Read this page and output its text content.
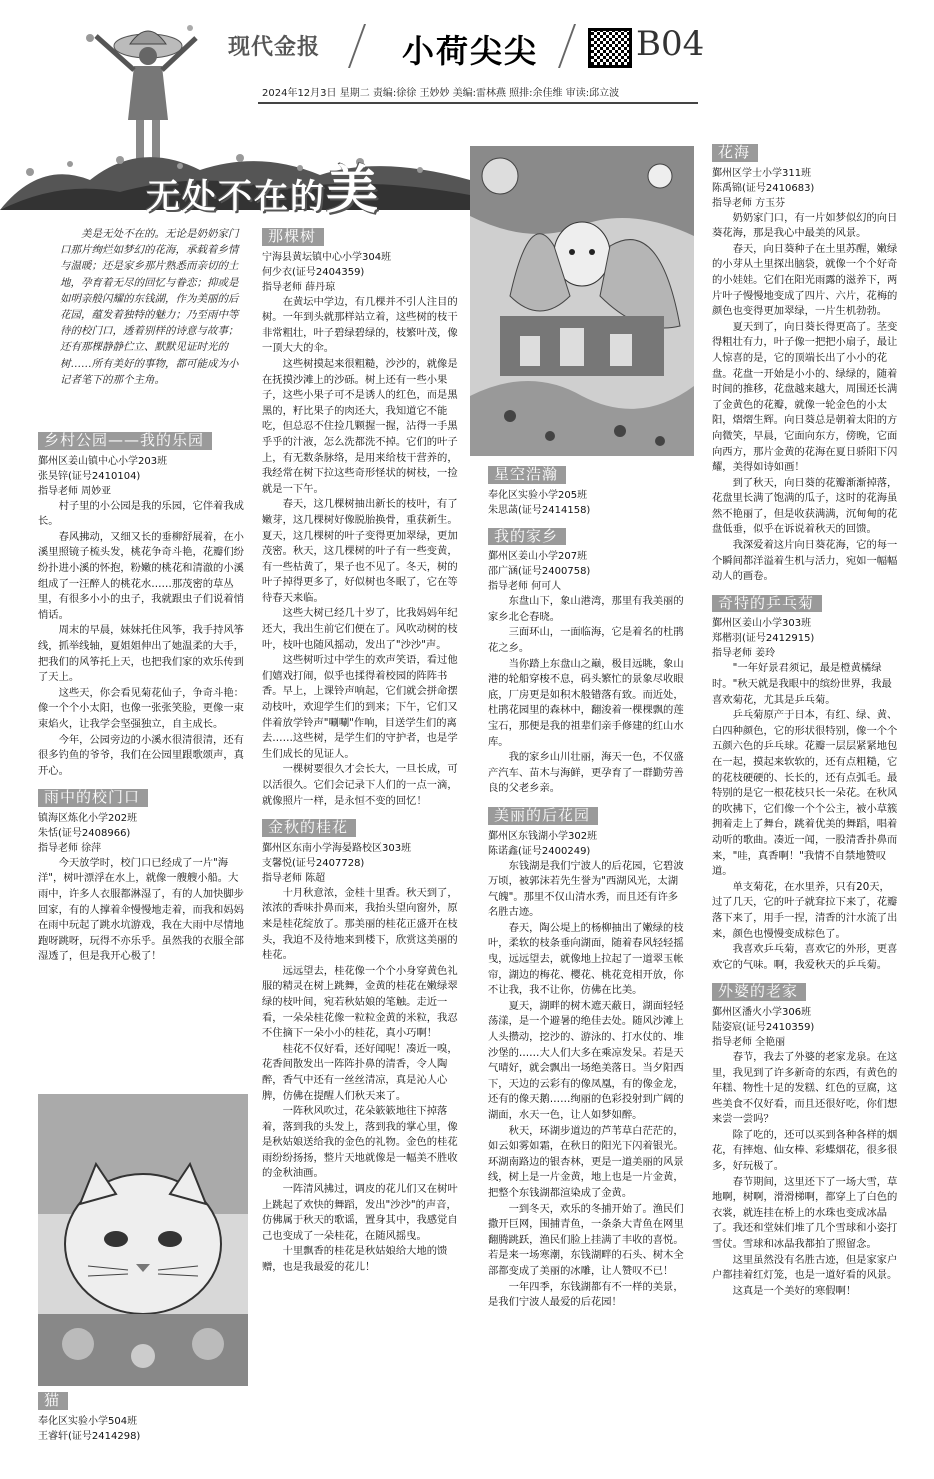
现代金报	小荷尖尖	B04
2024年12月3日 星期二 责编:徐徐 王妙妙 美编:雷林燕 照排:余佳维 审读:邱立波
无处不在的美
美是无处不在的。无论是奶奶家门口那片绚烂如梦幻的花海，承载着乡情与温暖；还是家乡那片熟悉而亲切的土地，孕育着无尽的回忆与眷恋；抑或是如明亲般闪耀的东钱湖，作为美丽的后花园，蕴发着独特的魅力；乃至雨中等待的校门口，透着别样的诗意与故事；还有那棵静静伫立、默默见证时光的树……所有美好的事物，都可能成为小记者笔下的那个主角。
乡村公园——我的乐园
鄞州区姜山镇中心小学203班
张昊锌(证号2410104)
指导老师 周妙亚

村子里的小公园是我的乐园，它伴着我成长。

春风拂动，又细又长的垂柳舒展着，在小溪里照镜子梳头发，桃花争奇斗艳，花瓣们纷纷扑进小溪的怀抱，粉嫩的桃花和清澈的小溪组成了一汪醉人的桃花水……那茂密的草丛里，有很多小小的虫子，我就跟虫子们说着悄悄话。

周末的早晨，妹妹托住风筝，我手持风筝线，抓举线轴，夏姐姐伸出了她温柔的大手，把我们的风筝托上天，也把我们家的欢乐传到了天上。

这些天，你会看见菊花仙子，争奇斗艳：像一个个小太阳，也像一张张笑脸，更像一束束焰火，让我学会坚强独立，自主成长。

今年，公园旁边的小溪水很清很清，还有很多钓鱼的爷爷，我们在公园里跟歌颂声，真开心。

雨中的校门口
镇海区炼化小学202班
朱恬(证号2408966)
指导老师 徐萍

今天放学时，校门口已经成了一片"海洋"，树叶漂浮在水上，就像一艘艘小船。大雨中，许多人衣服都淋湿了，有的人加快脚步回家，有的人撑着伞慢慢地走着，而我和妈妈在雨中玩起了跳水坑游戏，我在大雨中尽情地跑呀跳呀，玩得不亦乐乎。虽然我的衣服全部湿透了，但是我开心极了！

猫
奉化区实验小学504班
王睿轩(证号2414298)
那棵树
宁海县黄坛镇中心小学304班
何少衣(证号2404359)
指导老师 薛丹琼

在黄坛中学边，有几棵并不引人注目的树。一年到头就那样站立着，这些树的枝干非常粗壮，叶子碧绿碧绿的，枝繁叶茂，像一顶大大的伞。

这些树摸起来很粗糙，沙沙的，就像是在抚摸沙滩上的沙砾。树上还有一些小果子，这些小果子可不是诱人的红色，而是黑黑的，籽比果子的肉还大，我知道它不能吃，但总忍不住捡几颗握一握，沾得一手黑乎乎的汁液，怎么洗都洗不掉。它们的叶子上，有无数条脉络，是用来给枝干营养的，我经常在树下拉这些奇形怪状的树枝，一捡就是一下午。

春天，这几棵树抽出新长的枝叶，有了嫩芽，这几棵树好像脱胎换骨，重获新生。夏天，这几棵树的叶子变得更加翠绿，更加茂密。秋天，这几棵树的叶子有一些变黄，有一些枯黄了，果子也不见了。冬天，树的叶子掉得更多了，好似树也冬眠了，它在等待春天来临。

这些大树已经几十岁了，比我妈妈年纪还大，我出生前它们便在了。风吹动树的枝叶，枝叶也随风摇动，发出了"沙沙"声。

这些树听过中学生的欢声笑语，看过他们嬉戏打闹，似乎也揉得着校园的阵阵书香。早上，上课铃声响起，它们就会拼命摆动枝叶，欢迎学生们的到来；下午，它们又伴着放学铃声"唰唰"作响，目送学生们的离去……这些树，是学生们的守护者，也是学生们成长的见证人。

一棵树要很久才会长大，一旦长成，可以活很久。它们会记录下人们的一点一滴，就像照片一样，是永恒不变的回忆！

金秋的桂花
鄞州区东南小学海晏路校区303班
支馨悦(证号2407728)
指导老师 陈超

十月秋意浓，金桂十里香。秋天到了，浓浓的香味扑鼻而来，我抬头望向窗外，原来是桂花绽放了。那美丽的桂花正盛开在枝头，我迫不及待地来到楼下，欣赏这美丽的桂花。

远远望去，桂花像一个个小身穿黄色礼服的精灵在树上跳舞，金黄的桂花在嫩绿翠绿的枝叶间，宛若秋姑娘的笔触。走近一看，一朵朵桂花像一粒粒金黄的米粒，我忍不住摘下一朵小小的桂花，真小巧啊！

桂花不仅好看，还好闻呢！凑近一嗅，花香间散发出一阵阵扑鼻的清香，令人陶醉，香气中还有一丝丝清凉，真是沁人心脾，仿佛在提醒人们秋天来了。

一阵秋风吹过，花朵簌簌地往下掉落着，落到我的头发上，落到我的掌心里，像是秋姑娘送给我的金色的礼物。金色的桂花雨纷纷扬扬，整片天地就像是一幅美不胜收的金秋油画。

一阵清风拂过，调皮的花儿们又在树叶上跳起了欢快的舞蹈，发出"沙沙"的声音，仿佛属于秋天的歌谣，置身其中，我感觉自己也变成了一朵桂花，在随风摇曳。

十里飘香的桂花是秋姑娘给大地的馈赠，也是我最爱的花儿！

星空浩瀚
奉化区实验小学205班
朱思菡(证号2414158)
我的家乡
鄞州区姜山小学207班
邵广涵(证号2400758)
指导老师 何可人

东盘山下，象山港湾，那里有我美丽的家乡北仑春晓。

三面环山，一面临海，它是着名的杜鹃花之乡。

当你踏上东盘山之巅，极目远眺，象山港的轮船穿梭不息，码头繁忙的景象尽收眼底，厂房更是如积木般错落有致。而近处，杜鹃花园里的森林中，翻浚着一棵棵飘的莲宝石，那便是我的祖辈们亲手修建的红山水库。

我的家乡山川壮丽，海天一色，不仅盛产汽车、苗木与海鲜，更孕育了一群勤劳善良的父老乡亲。

美丽的后花园
鄞州区东钱湖小学302班
陈诺鑫(证号2400249)

东钱湖是我们宁波人的后花园，它碧波万顷，被郭沫若先生誉为"西湖风光，太湖气魄"。那里不仅山清水秀，而且还有许多名胜古迹。

春天，陶公堤上的杨柳抽出了嫩绿的枝叶，柔软的枝条垂向湖面，随着春风轻轻摇曳，远远望去，就像地上拉起了一道翠玉帐帘，湖边的梅花、樱花、桃花竞相开放，你不让我，我不让你，仿佛在比美。

夏天，湖畔的树木遮天蔽日，湖面轻轻荡漾，是一个避暑的绝佳去处。随风沙滩上人头攒动，挖沙的、游泳的、打水仗的、堆沙堡的……大人们大多在乘凉发呆。若是天气晴好，就会飘出一场绝美落日。当夕阳西下，天边的云彩有的像凤凰，有的像金龙，还有的像天鹅……绚丽的色彩投射到广阔的湖面，水天一色，让人如梦如醉。

秋天，环湖步道边的芦苇草白茫茫的，如云如雾如霜，在秋日的阳光下闪着银光。环湖南路边的银杏林，更是一道美丽的风景线，树上是一片金黄，地上也是一片金黄，把整个东钱湖都渲染成了金黄。

一到冬天，欢乐的冬捕开始了。渔民们撒开巨网，围捕青鱼，一条条大青鱼在网里翻腾跳跃，渔民们脸上挂满了丰收的喜悦。若是来一场寒潮，东钱湖畔的石头、树木全部都变成了美丽的冰雕，让人赞叹不已！

一年四季，东钱湖都有不一样的美景，是我们宁波人最爱的后花园！

花海
鄞州区学士小学311班
陈禹锦(证号2410683)
指导老师 方玉芬

奶奶家门口，有一片如梦似幻的向日葵花海，那是我心中最美的风景。

春天，向日葵种子在土里苏醒，嫩绿的小芽从土里探出脑袋，就像一个个好奇的小娃娃。它们在阳光雨露的滋养下，两片叶子慢慢地变成了四片、六片，花梅的颜色也变得更加翠绿，一片生机勃勃。

夏天到了，向日葵长得更高了。茎变得粗壮有力，叶子像一把把小扇子，最让人惊喜的是，它的顶端长出了小小的花盘。花盘一开始是小小的、绿绿的，随着时间的推移，花盘越来越大，周围还长满了金黄色的花瓣，就像一轮金色的小太阳，熠熠生辉。向日葵总是朝着太阳的方向微笑，早晨，它面向东方，傍晚，它面向西方，那片金黄的花海在夏日骄阳下闪耀，美得如诗如画！

到了秋天，向日葵的花瓣渐渐掉落，花盘里长满了饱满的瓜子，这时的花海虽然不艳丽了，但是收获满满，沉甸甸的花盘低垂，似乎在诉说着秋天的回馈。

我深爱着这片向日葵花海，它的每一个瞬间都洋溢着生机与活力，宛如一幅幅动人的画卷。

奇特的乒乓菊
鄞州区姜山小学303班
郑楷羽(证号2412915)
指导老师 姜玲

"一年好景君须记，最是橙黄橘绿时。"秋天就是我眼中的缤纷世界，我最喜欢菊花，尤其是乒乓菊。

乒乓菊原产于日本，有红、绿、黄、白四种颜色，它的形状很特别，像一个个五颜六色的乒乓球。花瓣一层层紧紧地包在一起，摸起来软软的，还有点粗糙，它的花枝硬硬的、长长的，还有点弧毛。最特别的是它一根花枝只长一朵花。在秋风的吹拂下，它们像一个个公主，被小草簇拥着走上了舞台，跳着优美的舞蹈，唱着动听的歌曲。凑近一闻，一股清香扑鼻而来，"哇，真香啊！"我情不自禁地赞叹道。

单支菊花，在水里养，只有20天，过了几天，它的叶子就耷拉下来了，花瓣落下来了，用手一捏，清香的汁水流了出来，颜色也慢慢变成棕色了。

我喜欢乒乓菊，喜欢它的外形，更喜欢它的气味。啊，我爱秋天的乒乓菊。

外婆的老家
鄞州区潘火小学306班
陆姿宸(证号2410359)
指导老师 全艳丽

春节，我去了外婆的老家龙泉。在这里，我见到了许多新奇的东西，有黄色的年糕、物性十足的发糕、红色的豆腐，这些美食不仅好看，而且还很好吃，你们想来尝一尝吗？

除了吃的，还可以买到各种各样的烟花，有摔炮、仙女棒、彩蝶烟花，很多很多，好玩极了。

春节期间，这里还下了一场大雪，草地啊，树啊，滑滑梯啊，都穿上了白色的衣裳，就连挂在桥上的水珠也变成冰晶了。我还和堂妹们堆了几个雪球和小姿打雪仗。雪球和冰晶我都拍了照留念。

这里虽然没有名胜古迹，但是家家户户都挂着红灯笼，也是一道好看的风景。

这真是一个美好的寒假啊！
